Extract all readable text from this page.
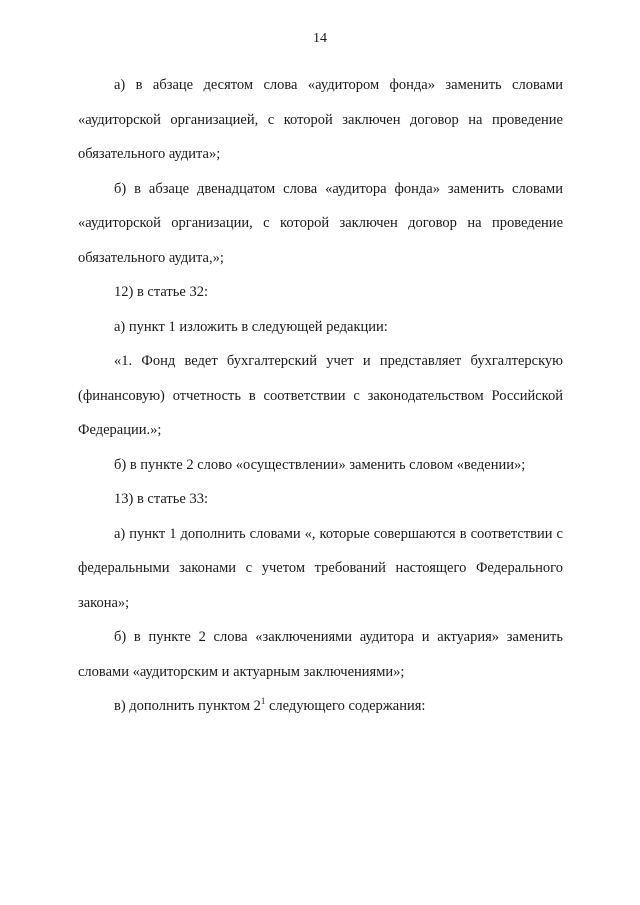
14

а) в абзаце десятом слова «аудитором фонда» заменить словами «аудиторской организацией, с которой заключен договор на проведение обязательного аудита»;

б) в абзаце двенадцатом слова «аудитора фонда» заменить словами «аудиторской организации, с которой заключен договор на проведение обязательного аудита,»;

12) в статье 32:

а) пункт 1 изложить в следующей редакции:

«1. Фонд ведет бухгалтерский учет и представляет бухгалтерскую (финансовую) отчетность в соответствии с законодательством Российской Федерации.»;

б) в пункте 2 слово «осуществлении» заменить словом «ведении»;

13) в статье 33:

а) пункт 1 дополнить словами «, которые совершаются в соответствии с федеральными законами с учетом требований настоящего Федерального закона»;

б) в пункте 2 слова «заключениями аудитора и актуария» заменить словами «аудиторским и актуарным заключениями»;

в) дополнить пунктом $2^1$ следующего содержания:
